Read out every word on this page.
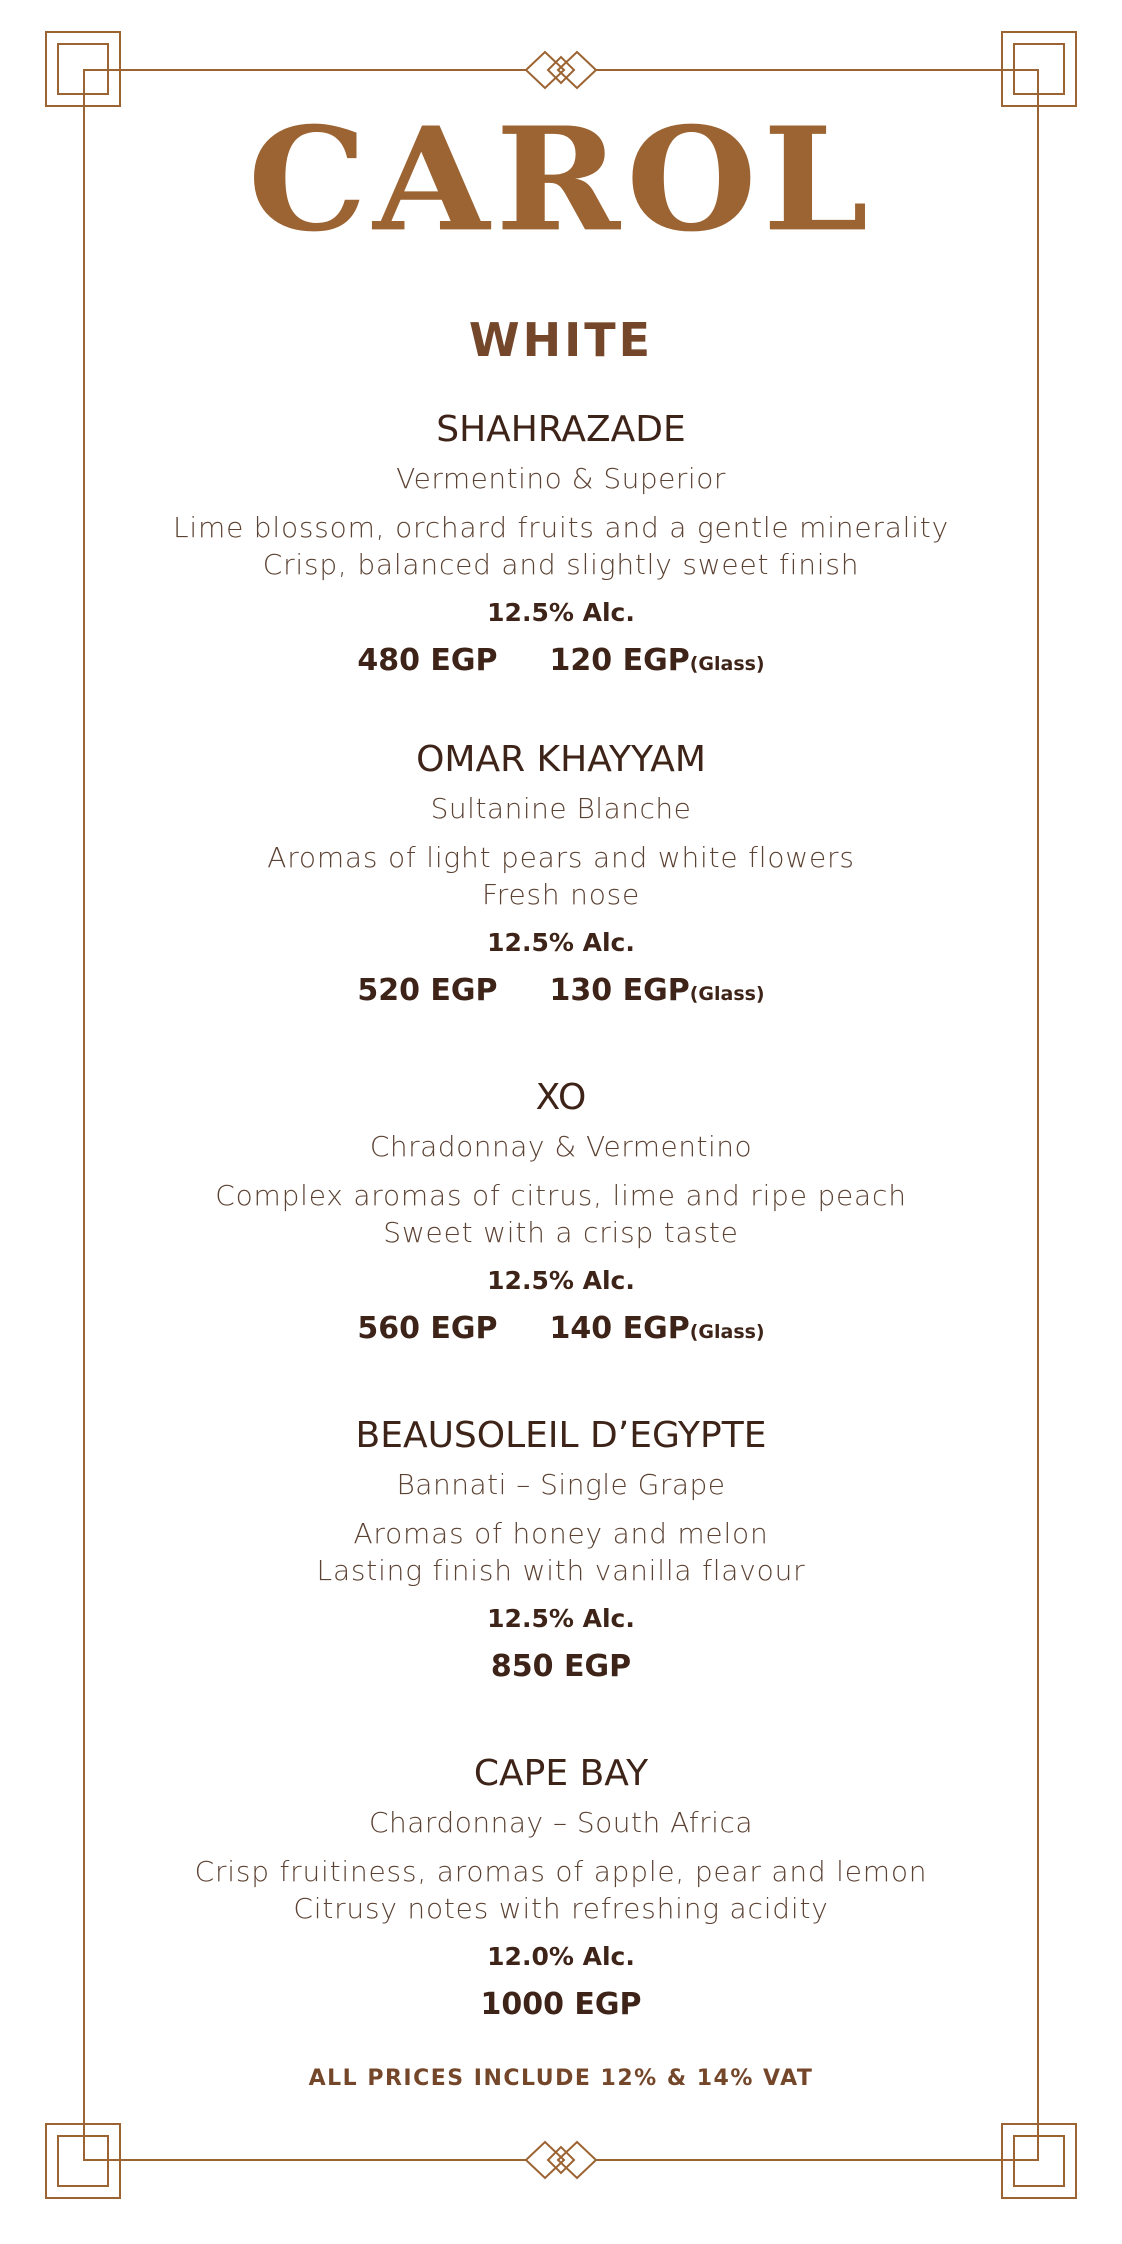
CAROL
WHITE
SHAHRAZADE
Vermentino & Superior
Lime blossom, orchard fruits and a gentle minerality
Crisp, balanced and slightly sweet finish
12.5% Alc.
480 EGP 120 EGP(Glass)
OMAR KHAYYAM
Sultanine Blanche
Aromas of light pears and white flowers
Fresh nose
12.5% Alc.
520 EGP 130 EGP(Glass)
XO
Chradonnay & Vermentino
Complex aromas of citrus, lime and ripe peach
Sweet with a crisp taste
12.5% Alc.
560 EGP 140 EGP(Glass)
BEAUSOLEIL D’EGYPTE
Bannati – Single Grape
Aromas of honey and melon
Lasting finish with vanilla flavour
12.5% Alc.
850 EGP
CAPE BAY
Chardonnay – South Africa
Crisp fruitiness, aromas of apple, pear and lemon
Citrusy notes with refreshing acidity
12.0% Alc.
1000 EGP
ALL PRICES INCLUDE 12% & 14% VAT
